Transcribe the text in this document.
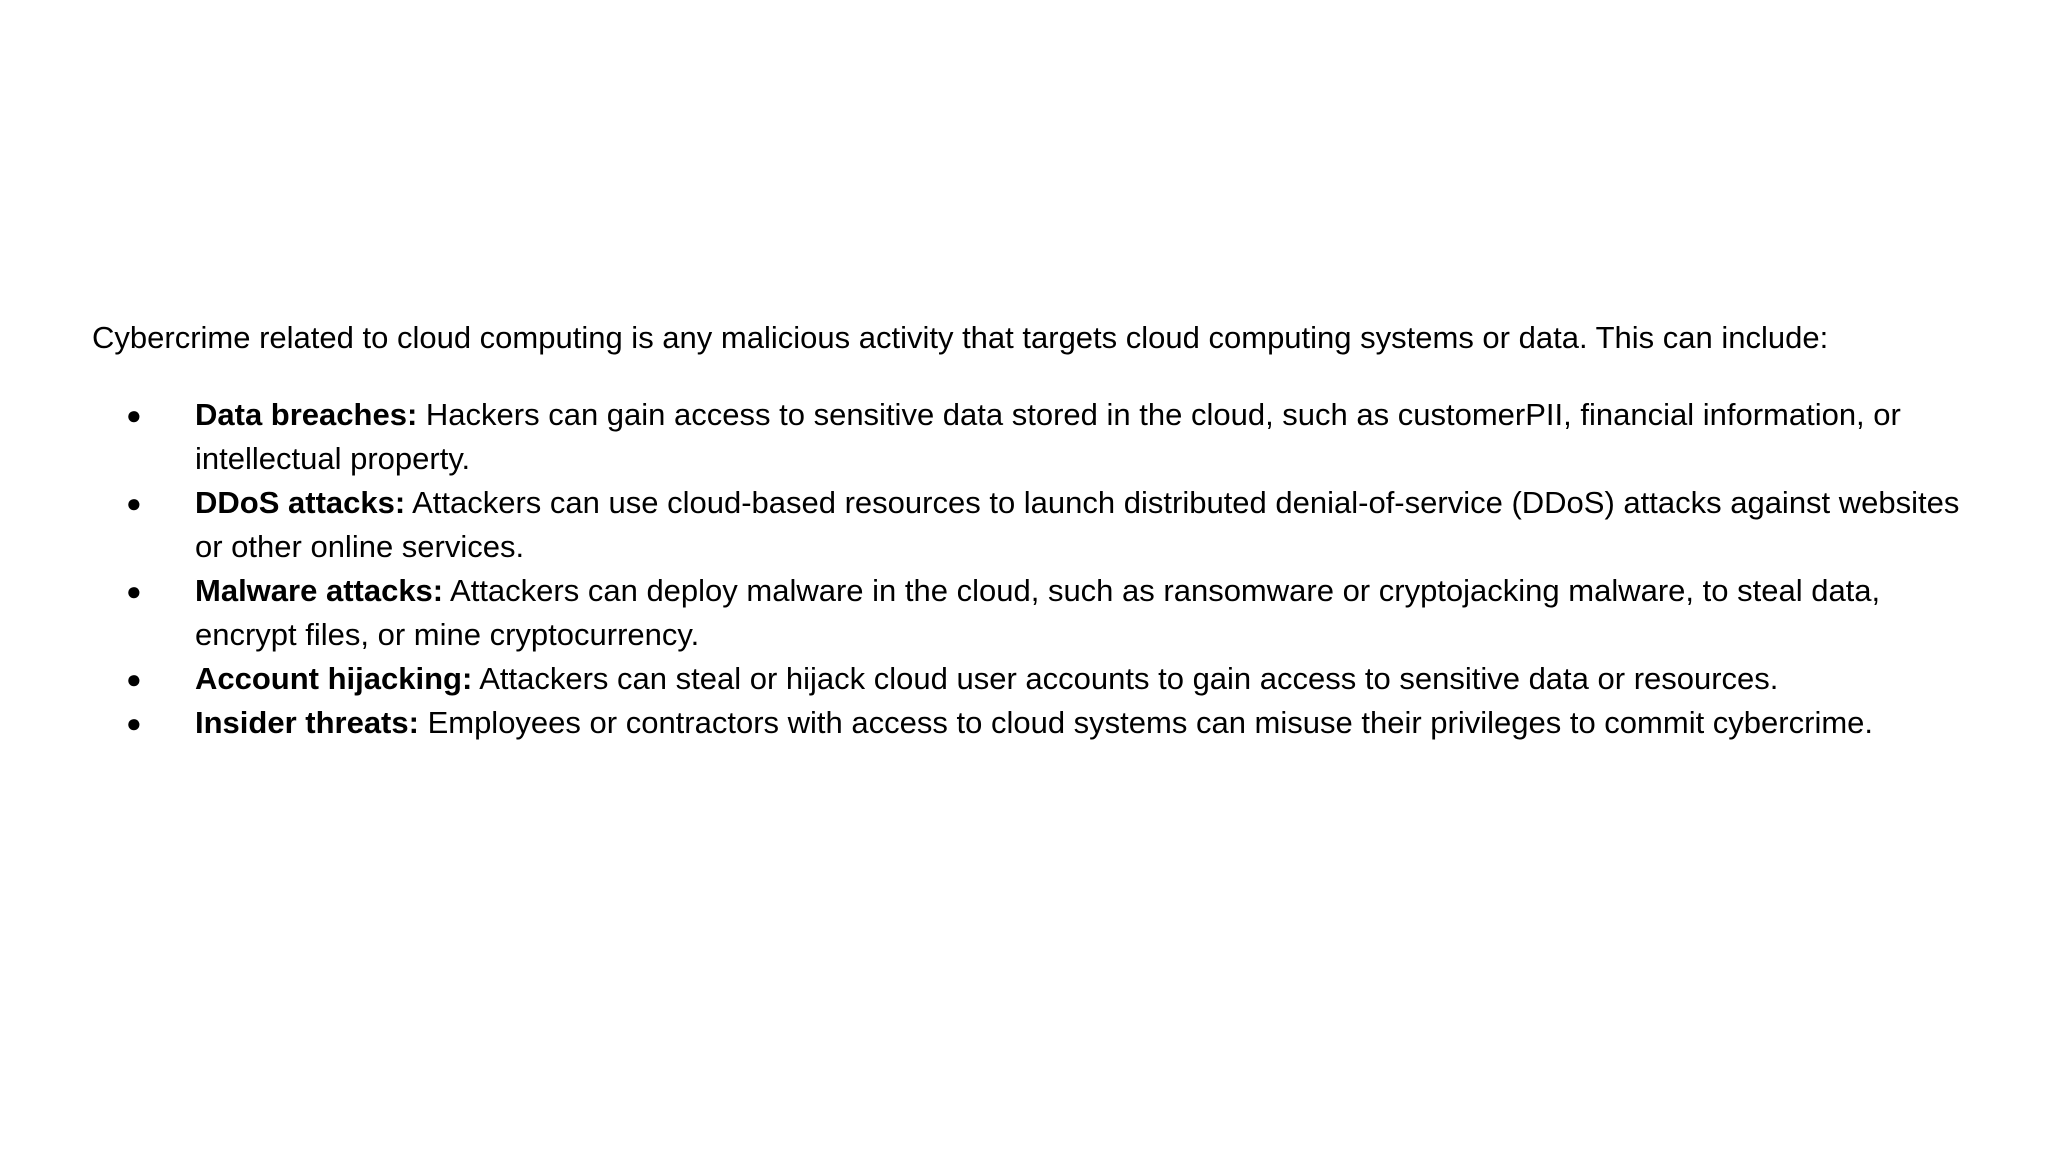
Cybercrime related to cloud computing is any malicious activity that targets cloud computing systems or data. This can include:

● Data breaches: Hackers can gain access to sensitive data stored in the cloud, such as customerPII, financial information, or intellectual property.
● DDoS attacks: Attackers can use cloud-based resources to launch distributed denial-of-service (DDoS) attacks against websites or other online services.
● Malware attacks: Attackers can deploy malware in the cloud, such as ransomware or cryptojacking malware, to steal data, encrypt files, or mine cryptocurrency.
● Account hijacking: Attackers can steal or hijack cloud user accounts to gain access to sensitive data or resources.
● Insider threats: Employees or contractors with access to cloud systems can misuse their privileges to commit cybercrime.
